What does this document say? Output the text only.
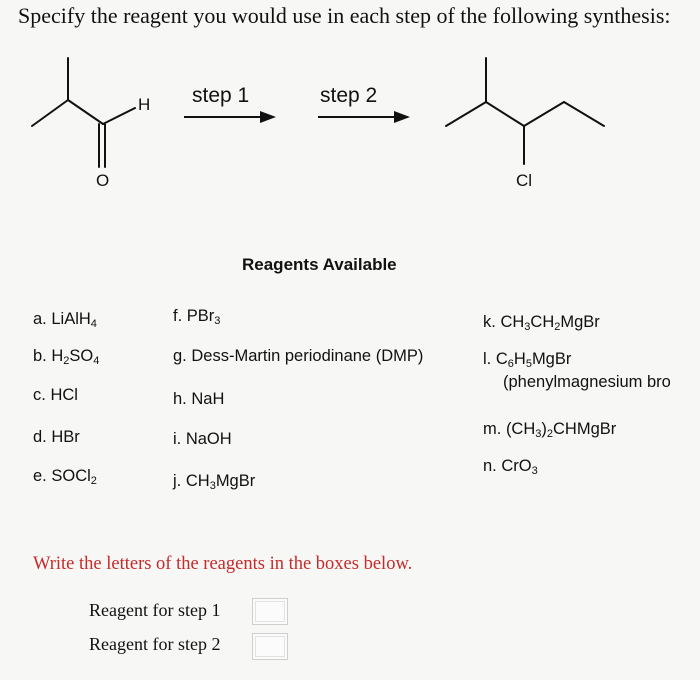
Specify the reagent you would use in each step of the following synthesis:
O
H step 1	step 2
Cl
Reagents Available
a. LiAlH$_4$
b. $H_2SO_4$
c. HCl
d. HBr
e. SOCl$_2$
f. PBr$_3$
g. Dess-Martin periodinane (DMP)
h. NaH
i. NaOH
j. $CH_3MgBr$
k. $CH_3CH_2MgBr$
l. $C_6H_5MgBr$
(phenylmagnesium bro
m. $(CH_3)_2CHMgBr$
n. CrO$_3$
Write the letters of the reagents in the boxes below.
Reagent for step 1
Reagent for step 2
